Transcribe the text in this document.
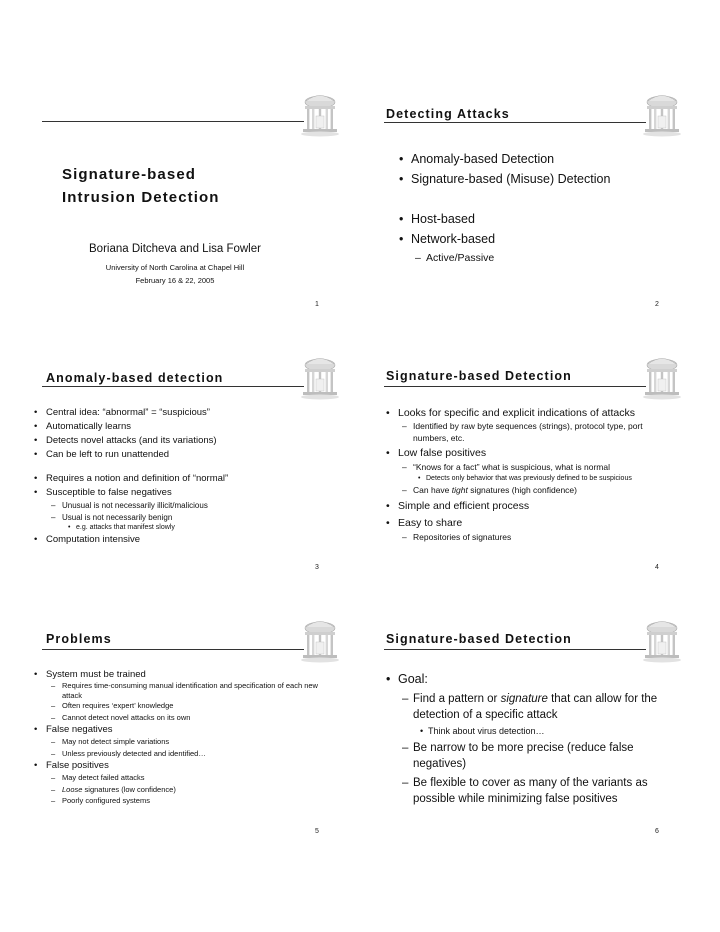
Signature-based
Intrusion Detection
Boriana Ditcheva and Lisa Fowler
University of North Carolina at Chapel Hill
February 16 & 22, 2005
1
Detecting Attacks
• Anomaly-based Detection
• Signature-based (Misuse) Detection
• Host-based
• Network-based
– Active/Passive
2
Anomaly-based detection
• Central idea: “abnormal” = “suspicious”
• Automatically learns
• Detects novel attacks (and its variations)
• Can be left to run unattended
• Requires a notion and definition of “normal”
• Susceptible to false negatives
– Unusual is not necessarily illicit/malicious
– Usual is not necessarily benign
• e.g. attacks that manifest slowly
• Computation intensive
3
Signature-based Detection
• Looks for specific and explicit indications of attacks
– Identified by raw byte sequences (strings), protocol type, port numbers, etc.
• Low false positives
– “Knows for a fact” what is suspicious, what is normal
• Detects only behavior that was previously defined to be suspicious
– Can have tight signatures (high confidence)
• Simple and efficient process
• Easy to share
– Repositories of signatures
4
Problems
• System must be trained
– Requires time-consuming manual identification and specification of each new attack
– Often requires ‘expert’ knowledge
– Cannot detect novel attacks on its own
• False negatives
– May not detect simple variations
– Unless previously detected and identified…
• False positives
– May detect failed attacks
– Loose signatures (low confidence)
– Poorly configured systems
5
Signature-based Detection
• Goal:
– Find a pattern or signature that can allow for the detection of a specific attack
• Think about virus detection…
– Be narrow to be more precise (reduce false negatives)
– Be flexible to cover as many of the variants as possible while minimizing false positives
6
